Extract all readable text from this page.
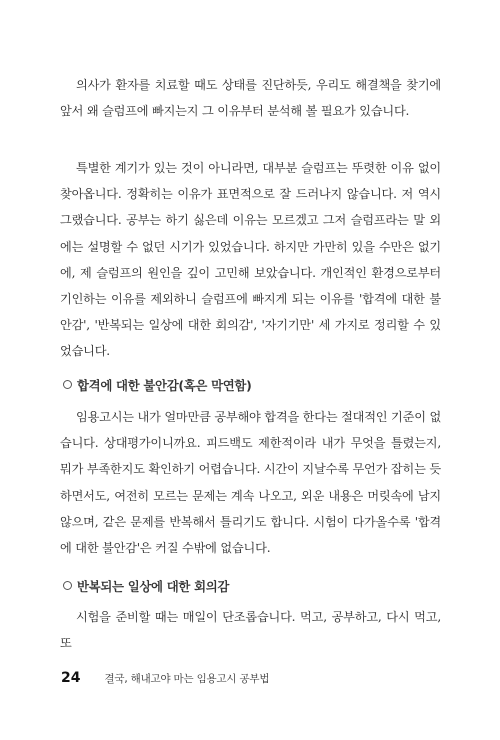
의사가 환자를 치료할 때도 상태를 진단하듯, 우리도 해결책을 찾기에 앞서 왜 슬럼프에 빠지는지 그 이유부터 분석해 볼 필요가 있습니다.

특별한 계기가 있는 것이 아니라면, 대부분 슬럼프는 뚜렷한 이유 없이 찾아옵니다. 정확히는 이유가 표면적으로 잘 드러나지 않습니다. 저 역시 그랬습니다. 공부는 하기 싫은데 이유는 모르겠고 그저 슬럼프라는 말 외에는 설명할 수 없던 시기가 있었습니다. 하지만 가만히 있을 수만은 없기에, 제 슬럼프의 원인을 깊이 고민해 보았습니다. 개인적인 환경으로부터 기인하는 이유를 제외하니 슬럼프에 빠지게 되는 이유를 '합격에 대한 불안감', '반복되는 일상에 대한 회의감', '자기기만' 세 가지로 정리할 수 있었습니다.

합격에 대한 불안감(혹은 막연함)

임용고시는 내가 얼마만큼 공부해야 합격을 한다는 절대적인 기준이 없습니다. 상대평가이니까요. 피드백도 제한적이라 내가 무엇을 틀렸는지, 뭐가 부족한지도 확인하기 어렵습니다. 시간이 지날수록 무언가 잡히는 듯하면서도, 여전히 모르는 문제는 계속 나오고, 외운 내용은 머릿속에 남지 않으며, 같은 문제를 반복해서 틀리기도 합니다. 시험이 다가올수록 '합격에 대한 불안감'은 커질 수밖에 없습니다.

반복되는 일상에 대한 회의감

시험을 준비할 때는 매일이 단조롭습니다. 먹고, 공부하고, 다시 먹고, 또

24 결국, 해내고야 마는 임용고시 공부법
